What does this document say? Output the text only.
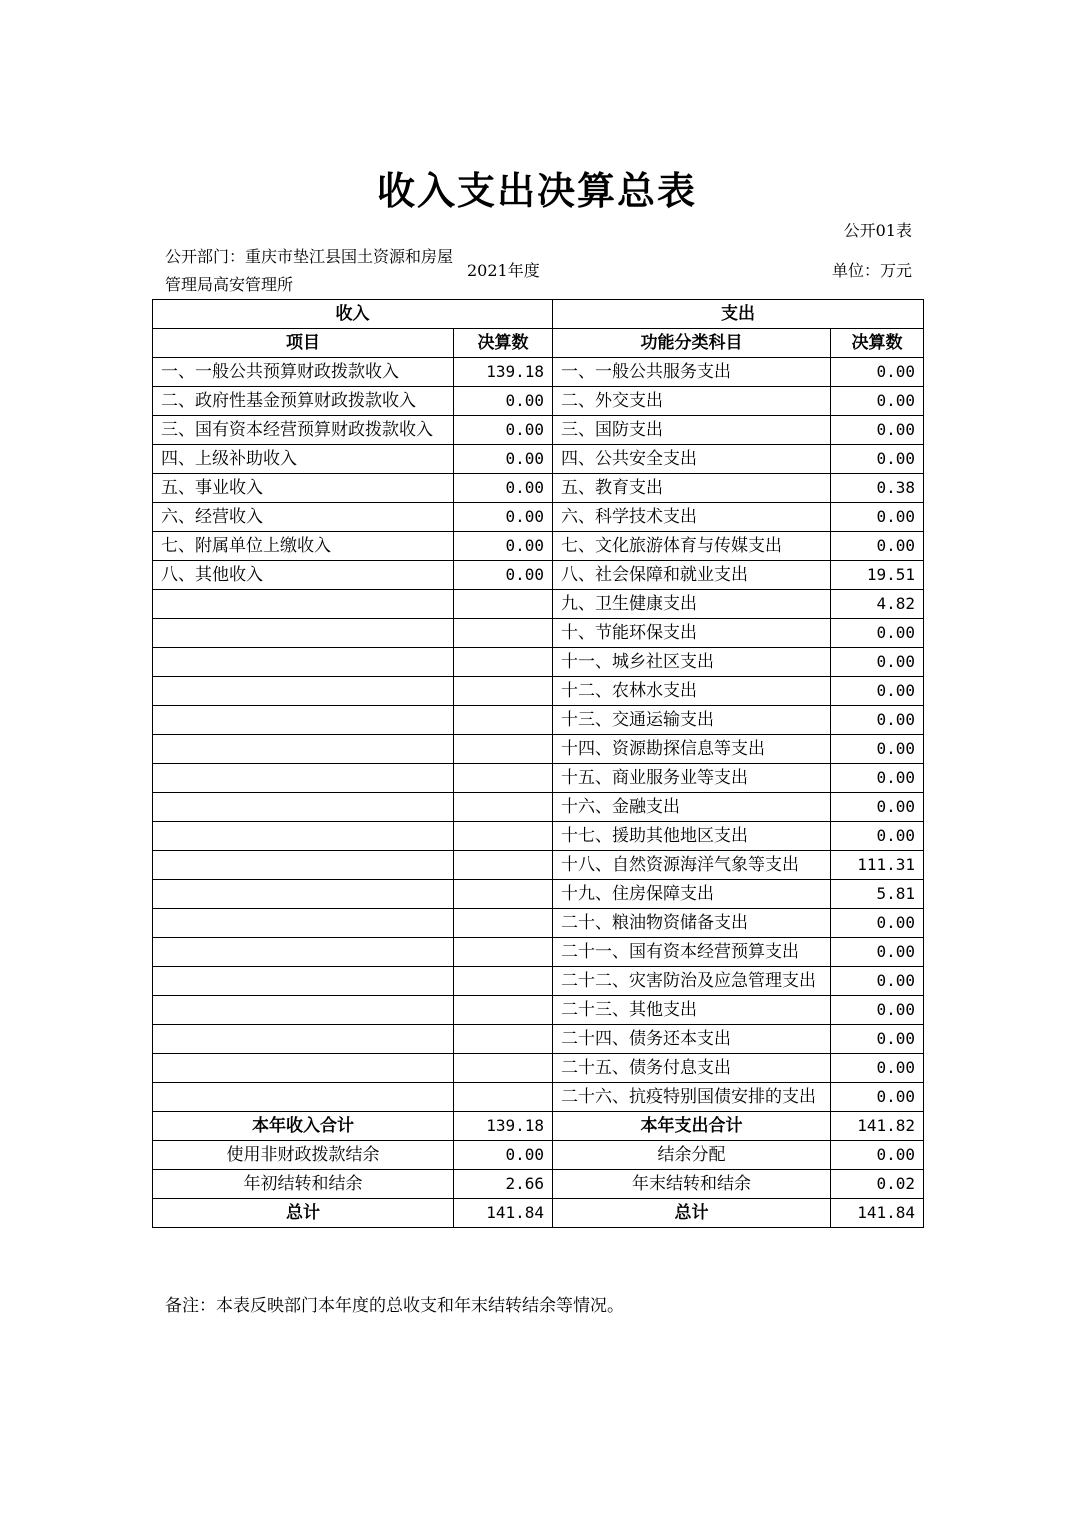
收入支出决算总表
公开01表
公开部门：重庆市垫江县国土资源和房屋管理局高安管理所
2021年度	单位：万元
收入		支出	
项目	决算数	功能分类科目	决算数
一、一般公共预算财政拨款收入	139.18	一、一般公共服务支出	0.00
二、政府性基金预算财政拨款收入	0.00	二、外交支出	0.00
三、国有资本经营预算财政拨款收入	0.00	三、国防支出	0.00
四、上级补助收入	0.00	四、公共安全支出	0.00
五、事业收入	0.00	五、教育支出	0.38
六、经营收入	0.00	六、科学技术支出	0.00
七、附属单位上缴收入	0.00	七、文化旅游体育与传媒支出	0.00
八、其他收入	0.00	八、社会保障和就业支出	19.51
		九、卫生健康支出	4.82
		十、节能环保支出	0.00
		十一、城乡社区支出	0.00
		十二、农林水支出	0.00
		十三、交通运输支出	0.00
		十四、资源勘探信息等支出	0.00
		十五、商业服务业等支出	0.00
		十六、金融支出	0.00
		十七、援助其他地区支出	0.00
		十八、自然资源海洋气象等支出	111.31
		十九、住房保障支出	5.81
		二十、粮油物资储备支出	0.00
		二十一、国有资本经营预算支出	0.00
		二十二、灾害防治及应急管理支出	0.00
		二十三、其他支出	0.00
		二十四、债务还本支出	0.00
		二十五、债务付息支出	0.00
		二十六、抗疫特别国债安排的支出	0.00
本年收入合计	139.18	本年支出合计	141.82
使用非财政拨款结余	0.00	结余分配	0.00
年初结转和结余	2.66	年末结转和结余	0.02
总计	141.84	总计	141.84
备注：本表反映部门本年度的总收支和年末结转结余等情况。
